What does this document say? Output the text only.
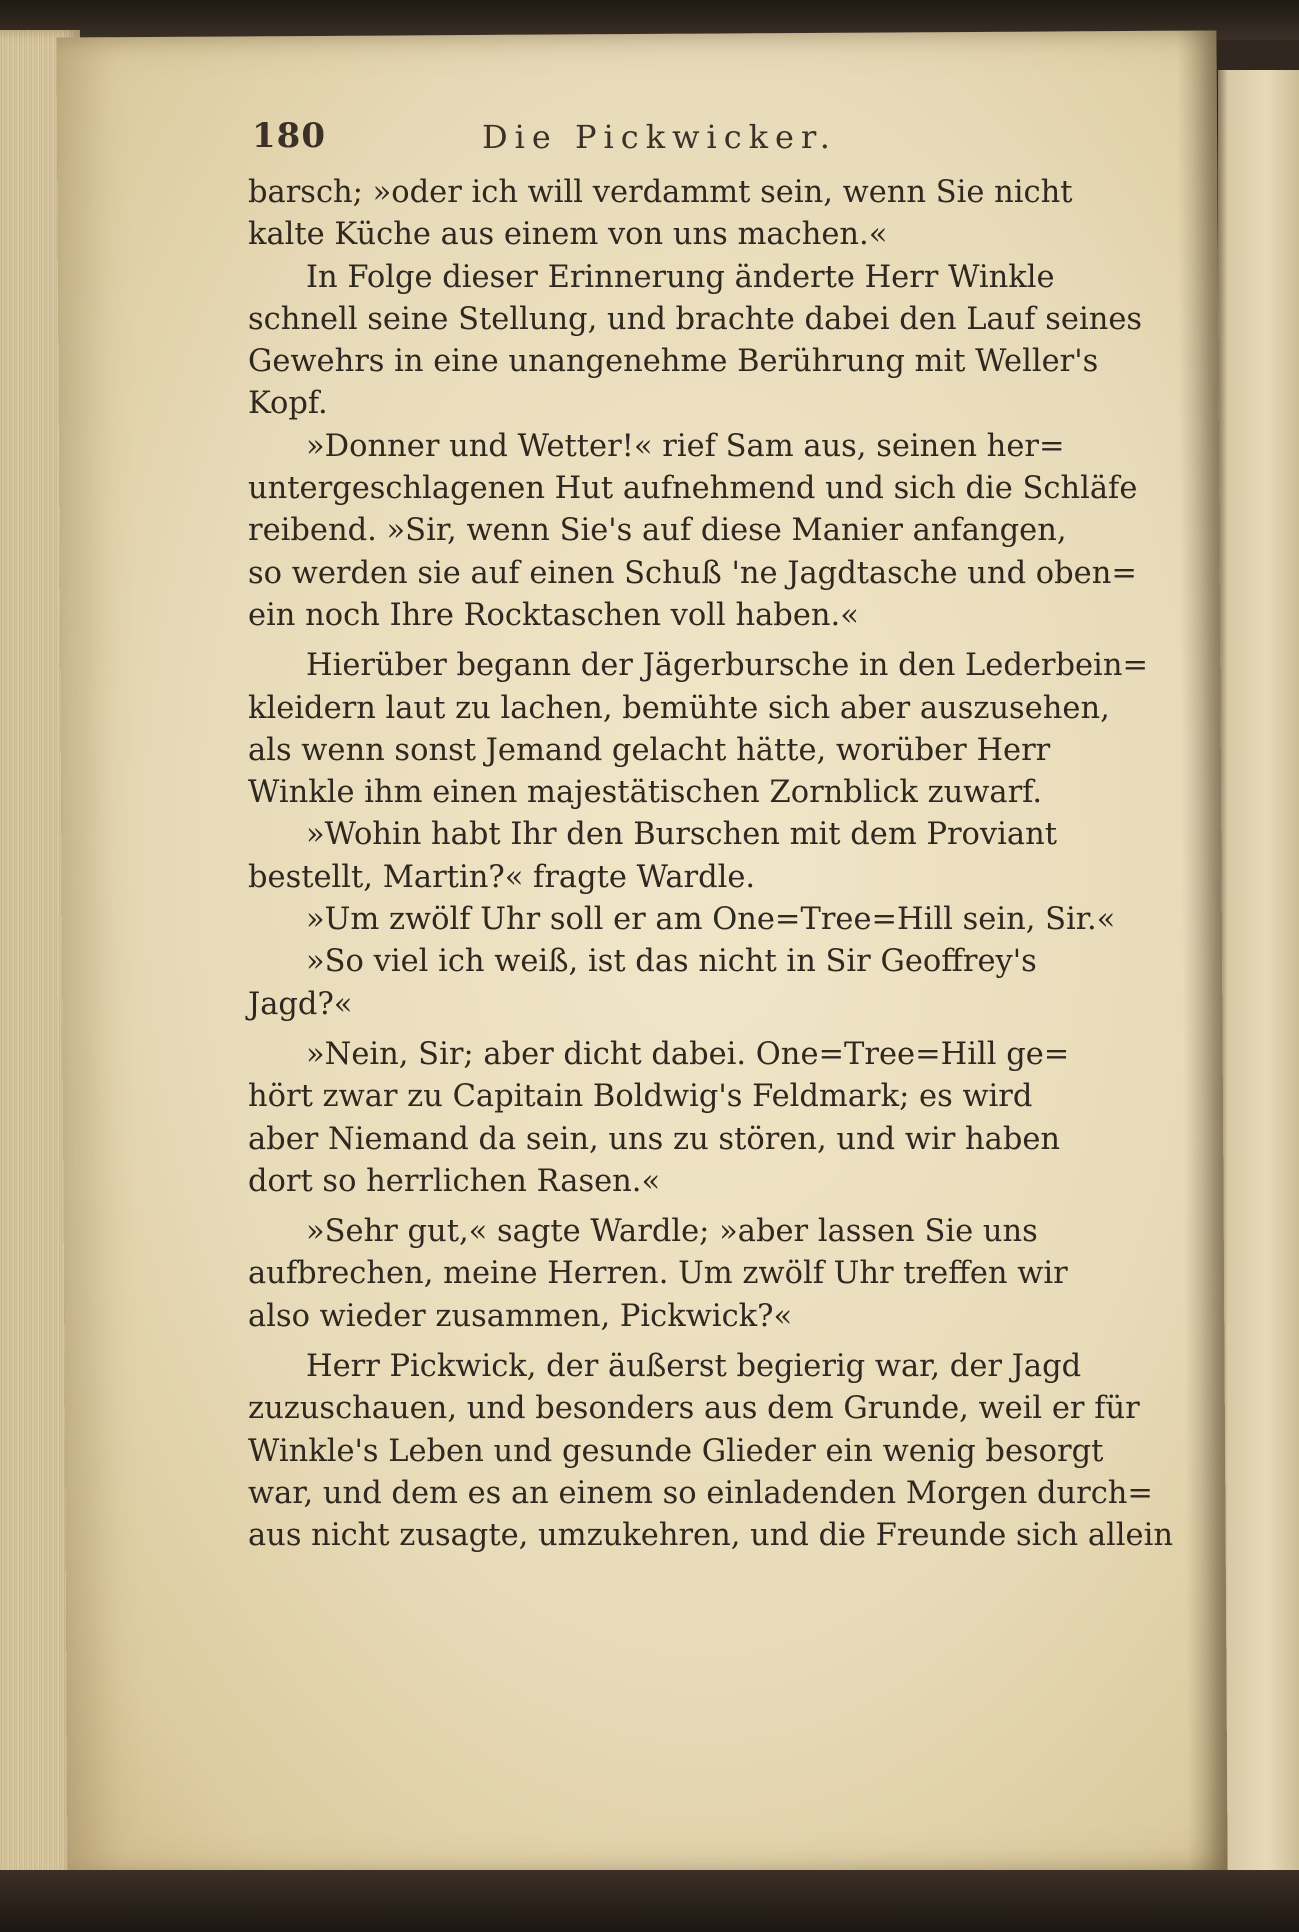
180	Die Pickwicker.
barsch; »oder ich will verdammt sein, wenn Sie nicht
kalte Küche aus einem von uns machen.«
In Folge dieser Erinnerung änderte Herr Winkle
schnell seine Stellung, und brachte dabei den Lauf seines
Gewehrs in eine unangenehme Berührung mit Weller's
Kopf.
»Donner und Wetter!« rief Sam aus, seinen her=
untergeschlagenen Hut aufnehmend und sich die Schläfe
reibend. »Sir, wenn Sie's auf diese Manier anfangen,
so werden sie auf einen Schuß 'ne Jagdtasche und oben=
ein noch Ihre Rocktaschen voll haben.«
Hierüber begann der Jägerbursche in den Lederbein=
kleidern laut zu lachen, bemühte sich aber auszusehen,
als wenn sonst Jemand gelacht hätte, worüber Herr
Winkle ihm einen majestätischen Zornblick zuwarf.
»Wohin habt Ihr den Burschen mit dem Proviant
bestellt, Martin?« fragte Wardle.
»Um zwölf Uhr soll er am One=Tree=Hill sein, Sir.«
»So viel ich weiß, ist das nicht in Sir Geoffrey's
Jagd?«
»Nein, Sir; aber dicht dabei. One=Tree=Hill ge=
hört zwar zu Capitain Boldwig's Feldmark; es wird
aber Niemand da sein, uns zu stören, und wir haben
dort so herrlichen Rasen.«
»Sehr gut,« sagte Wardle; »aber lassen Sie uns
aufbrechen, meine Herren. Um zwölf Uhr treffen wir
also wieder zusammen, Pickwick?«
Herr Pickwick, der äußerst begierig war, der Jagd
zuzuschauen, und besonders aus dem Grunde, weil er für
Winkle's Leben und gesunde Glieder ein wenig besorgt
war, und dem es an einem so einladenden Morgen durch=
aus nicht zusagte, umzukehren, und die Freunde sich allein
